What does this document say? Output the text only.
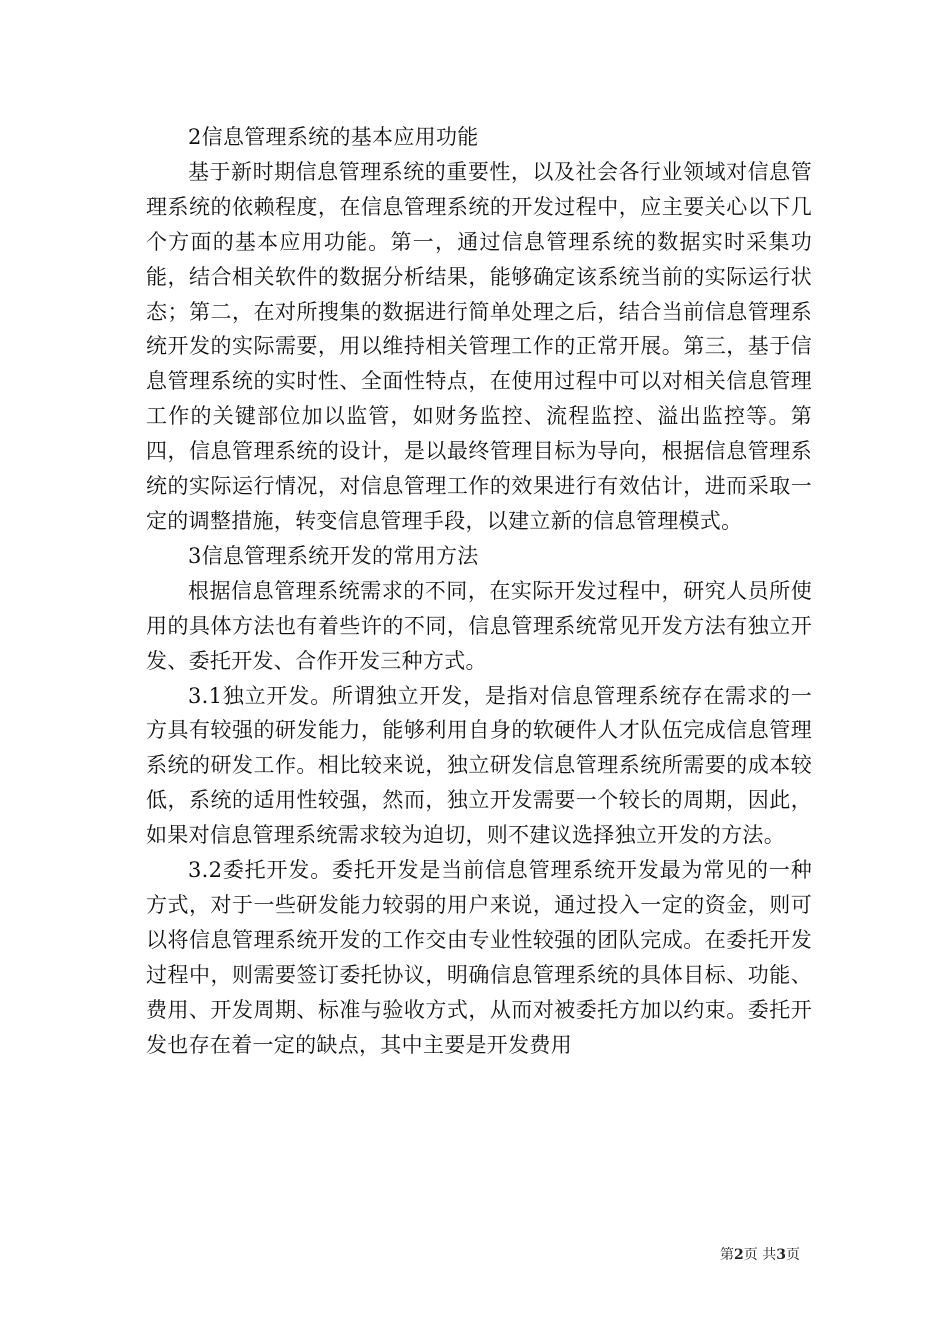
2信息管理系统的基本应用功能

基于新时期信息管理系统的重要性，以及社会各行业领域对信息管理系统的依赖程度，在信息管理系统的开发过程中，应主要关心以下几个方面的基本应用功能。第一，通过信息管理系统的数据实时采集功能，结合相关软件的数据分析结果，能够确定该系统当前的实际运行状态；第二，在对所搜集的数据进行简单处理之后，结合当前信息管理系统开发的实际需要，用以维持相关管理工作的正常开展。第三，基于信息管理系统的实时性、全面性特点，在使用过程中可以对相关信息管理工作的关键部位加以监管，如财务监控、流程监控、溢出监控等。第四，信息管理系统的设计，是以最终管理目标为导向，根据信息管理系统的实际运行情况，对信息管理工作的效果进行有效估计，进而采取一定的调整措施，转变信息管理手段，以建立新的信息管理模式。

3信息管理系统开发的常用方法

根据信息管理系统需求的不同，在实际开发过程中，研究人员所使用的具体方法也有着些许的不同，信息管理系统常见开发方法有独立开发、委托开发、合作开发三种方式。

3.1独立开发。所谓独立开发，是指对信息管理系统存在需求的一方具有较强的研发能力，能够利用自身的软硬件人才队伍完成信息管理系统的研发工作。相比较来说，独立研发信息管理系统所需要的成本较低，系统的适用性较强，然而，独立开发需要一个较长的周期，因此，如果对信息管理系统需求较为迫切，则不建议选择独立开发的方法。

3.2委托开发。委托开发是当前信息管理系统开发最为常见的一种方式，对于一些研发能力较弱的用户来说，通过投入一定的资金，则可以将信息管理系统开发的工作交由专业性较强的团队完成。在委托开发过程中，则需要签订委托协议，明确信息管理系统的具体目标、功能、费用、开发周期、标准与验收方式，从而对被委托方加以约束。委托开发也存在着一定的缺点，其中主要是开发费用

第2页 共3页
